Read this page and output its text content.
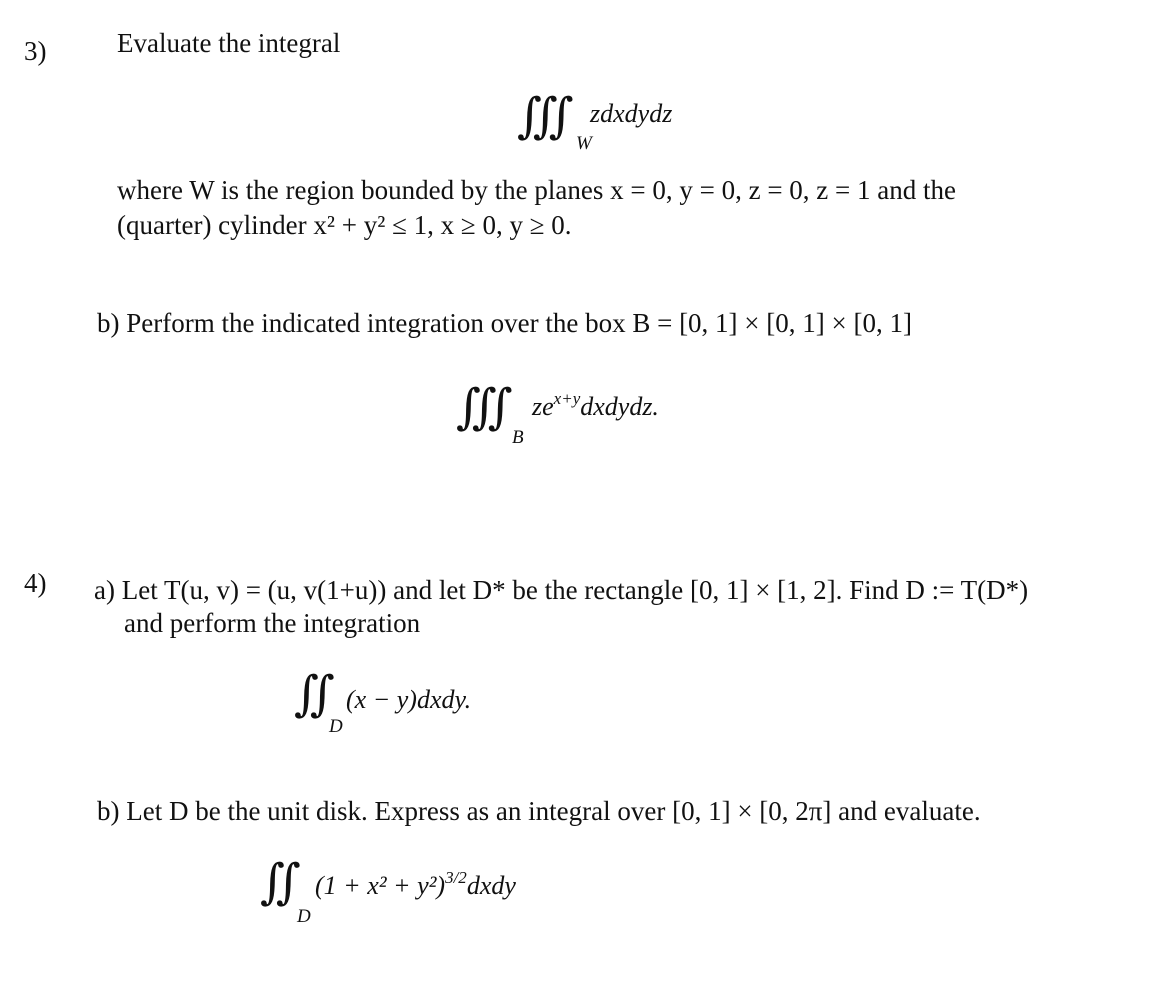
3)	Evaluate the integral
∭ W
zdxdydz
where W is the region bounded by the planes x = 0, y = 0, z = 0, z = 1 and the
(quarter) cylinder x² + y² ≤ 1, x ≥ 0, y ≥ 0.
b) Perform the indicated integration over the box B = [0, 1] × [0, 1] × [0, 1]
∭
B
$ze^{x+y}dxdydz$.
4) a) Let T(u, v) = (u, v(1+u)) and let D* be the rectangle [0, 1] × [1, 2]. Find D := T(D*)
and perform the integration
∬
D
(x − y)dxdy.
b) Let D be the unit disk. Express as an integral over [0, 1] × [0, 2π] and evaluate.
∬
D
$(1 + x^2 + y^2)^{3/2}dxdy$
